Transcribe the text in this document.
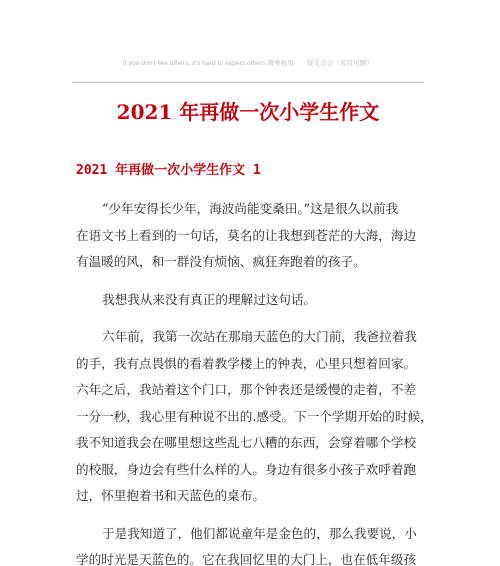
If you don't like others, it's hard to expect others.简单视用　　疑支合会（页眉可删）
2021 年再做一次小学生作文
2021 年再做一次小学生作文 1
“少年安得长少年，海波尚能变桑田。”这是很久以前我
在语文书上看到的一句话，莫名的让我想到苍茫的大海，海边
有温暖的风，和一群没有烦恼、疯狂奔跑着的孩子。
我想我从来没有真正的理解过这句话。
六年前，我第一次站在那扇天蓝色的大门前，我爸拉着我
的手，我有点畏惧的看着教学楼上的钟表，心里只想着回家。
六年之后，我站着这个门口，那个钟表还是缓慢的走着，不差
一分一秒，我心里有种说不出的.感受。下一个学期开始的时候，
我不知道我会在哪里想这些乱七八糟的东西，会穿着哪个学校
的校服，身边会有些什么样的人。身边有很多小孩子欢呼着跑
过，怀里抱着书和天蓝色的桌布。
于是我知道了，他们都说童年是金色的，那么我要说，小
学的时光是天蓝色的。它在我回忆里的大门上，也在低年级孩
